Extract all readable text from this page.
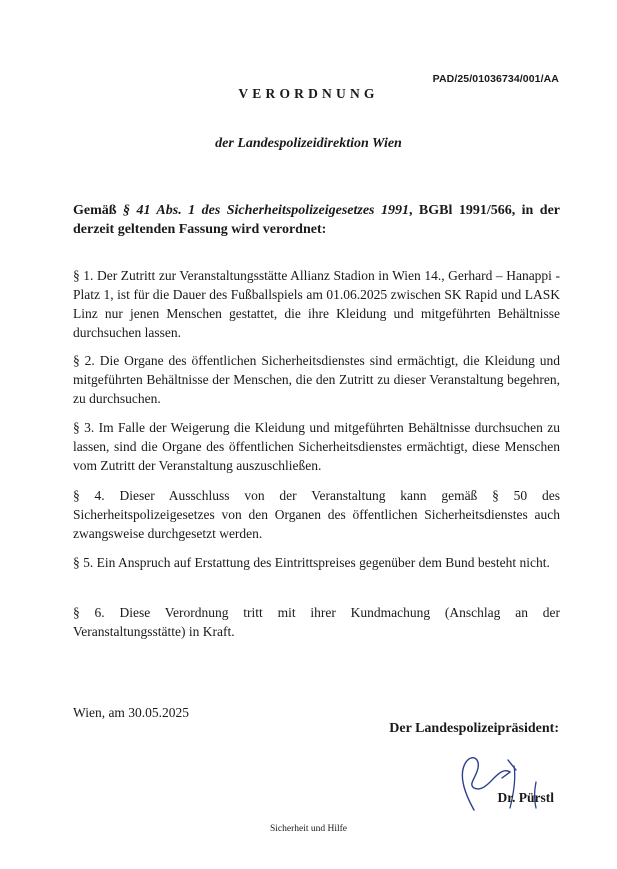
PAD/25/01036734/001/AA
VERORDNUNG
der Landespolizeidirektion Wien
Gemäß § 41 Abs. 1 des Sicherheitspolizeigesetzes 1991, BGBl 1991/566, in der derzeit geltenden Fassung wird verordnet:
§ 1. Der Zutritt zur Veranstaltungsstätte Allianz Stadion in Wien 14., Gerhard – Hanappi - Platz 1, ist für die Dauer des Fußballspiels am 01.06.2025 zwischen SK Rapid und LASK Linz nur jenen Menschen gestattet, die ihre Kleidung und mitgeführten Behältnisse durchsuchen lassen.
§ 2. Die Organe des öffentlichen Sicherheitsdienstes sind ermächtigt, die Kleidung und mitgeführten Behältnisse der Menschen, die den Zutritt zu dieser Veranstaltung begehren, zu durchsuchen.
§ 3. Im Falle der Weigerung die Kleidung und mitgeführten Behältnisse durchsuchen zu lassen, sind die Organe des öffentlichen Sicherheitsdienstes ermächtigt, diese Menschen vom Zutritt der Veranstaltung auszuschließen.
§ 4. Dieser Ausschluss von der Veranstaltung kann gemäß § 50 des Sicherheitspolizeigesetzes von den Organen des öffentlichen Sicherheitsdienstes auch zwangsweise durchgesetzt werden.
§ 5. Ein Anspruch auf Erstattung des Eintrittspreises gegenüber dem Bund besteht nicht.
§ 6. Diese Verordnung tritt mit ihrer Kundmachung (Anschlag an der Veranstaltungsstätte) in Kraft.
Wien, am 30.05.2025
Der Landespolizeipräsident:
Dr. Pürstl
Sicherheit und Hilfe
